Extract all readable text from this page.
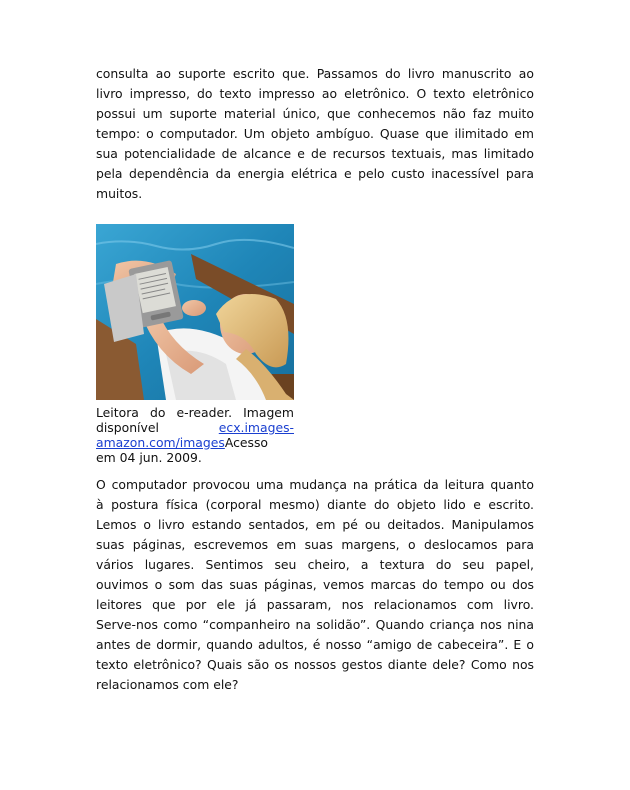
consulta ao suporte escrito que. Passamos do livro manuscrito ao
livro impresso, do texto impresso ao eletrônico. O texto eletrônico
possui um suporte material único, que conhecemos não faz muito
tempo: o computador. Um objeto ambíguo. Quase que ilimitado em
sua potencialidade de alcance e de recursos textuais, mas limitado
pela dependência da energia elétrica e pelo custo inacessível para
muitos.
Leitora do e-reader. Imagem
disponível	ecx.images-
amazon.com/imagesAcesso
em 04 jun. 2009.
O computador provocou uma mudança na prática da leitura quanto
à postura física (corporal mesmo) diante do objeto lido e escrito.
Lemos o livro estando sentados, em pé ou deitados. Manipulamos
suas páginas, escrevemos em suas margens, o deslocamos para
vários lugares. Sentimos seu cheiro, a textura do seu papel,
ouvimos o som das suas páginas, vemos marcas do tempo ou dos
leitores que por ele já passaram, nos relacionamos com livro.
Serve-nos como “companheiro na solidão”. Quando criança nos nina
antes de dormir, quando adultos, é nosso “amigo de cabeceira”. E o
texto eletrônico? Quais são os nossos gestos diante dele? Como nos
relacionamos com ele?
